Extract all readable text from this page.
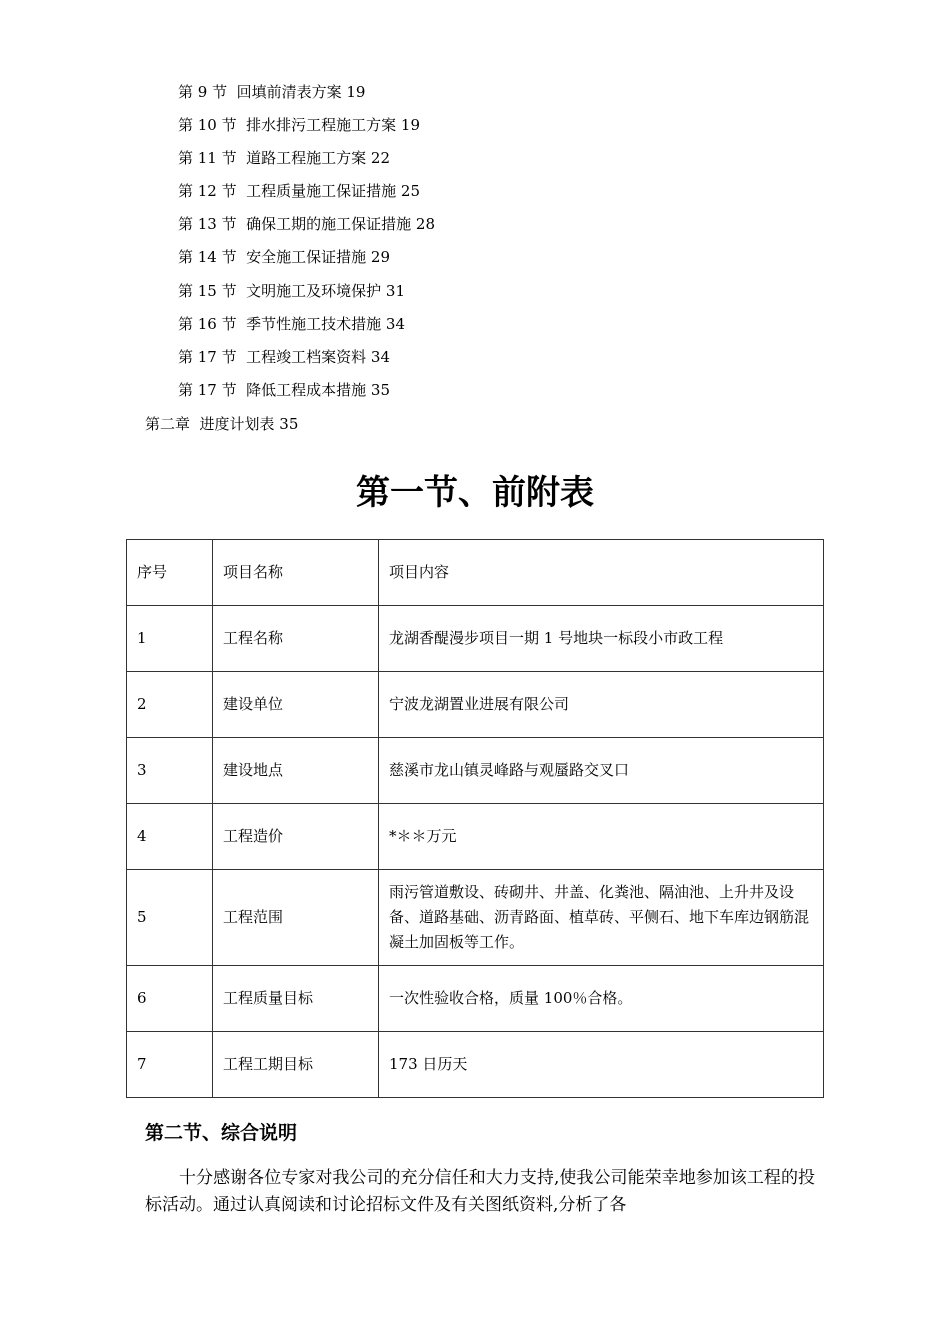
第 9 节  回填前清表方案 19
第 10 节  排水排污工程施工方案 19
第 11 节  道路工程施工方案 22
第 12 节  工程质量施工保证措施 25
第 13 节  确保工期的施工保证措施 28
第 14 节  安全施工保证措施 29
第 15 节  文明施工及环境保护 31
第 16 节  季节性施工技术措施 34
第 17 节  工程竣工档案资料 34
第 17 节  降低工程成本措施 35
第二章  进度计划表 35
第一节、前附表
序号	项目名称	项目内容
1	工程名称	龙湖香醍漫步项目一期 1 号地块一标段小市政工程
2	建设单位	宁波龙湖置业进展有限公司
3	建设地点	慈溪市龙山镇灵峰路与观蜃路交叉口
4	工程造价	*＊＊万元
5	工程范围	雨污管道敷设、砖砌井、井盖、化粪池、隔油池、上升井及设备、道路基础、沥青路面、植草砖、平侧石、地下车库边钢筋混凝土加固板等工作。
6	工程质量目标	一次性验收合格，质量 100％合格。
7	工程工期目标	173 日历天
第二节、综合说明
十分感谢各位专家对我公司的充分信任和大力支持,使我公司能荣幸地参加该工程的投标活动。通过认真阅读和讨论招标文件及有关图纸资料,分析了各
